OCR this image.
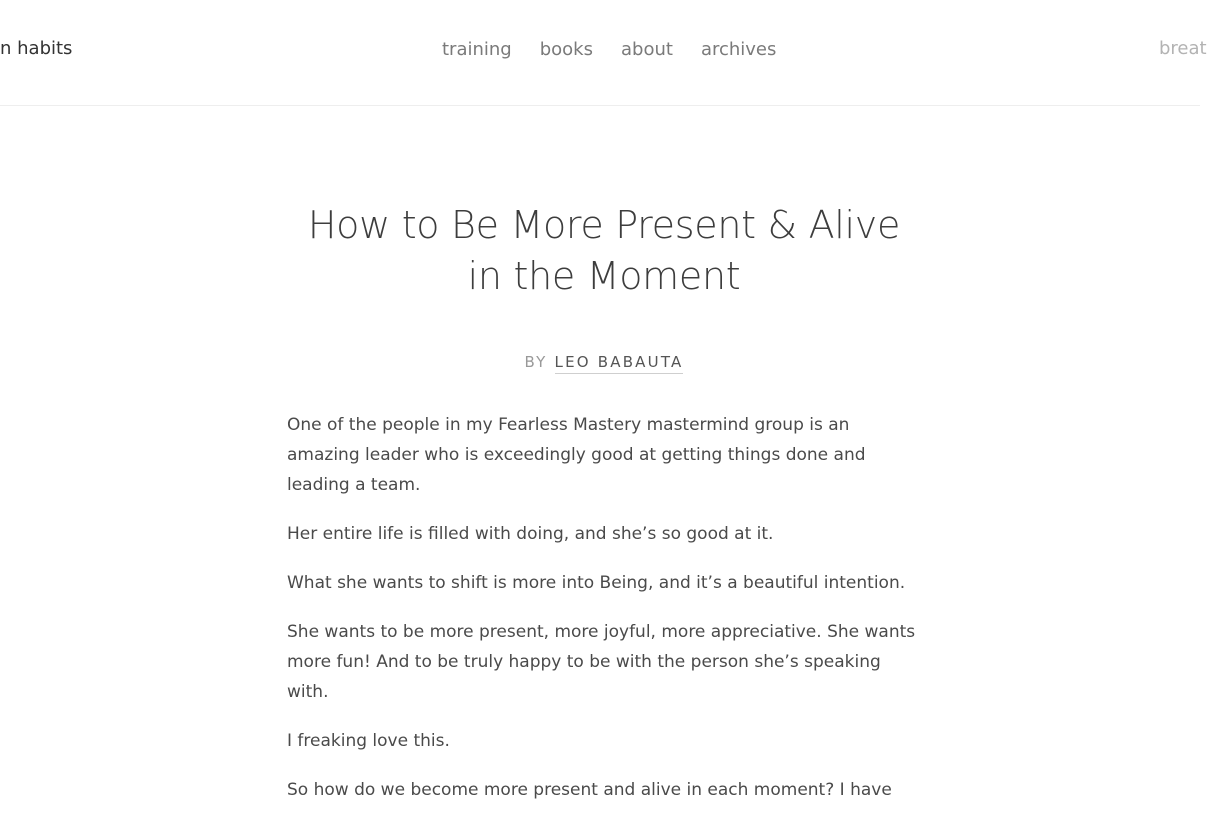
n habits	training books about archives	breat
How to Be More Present & Alive in the Moment
BY LEO BABAUTA

One of the people in my Fearless Mastery mastermind group is an amazing leader who is exceedingly good at getting things done and leading a team.

Her entire life is filled with doing, and she’s so good at it.

What she wants to shift is more into Being, and it’s a beautiful intention.

She wants to be more present, more joyful, more appreciative. She wants more fun! And to be truly happy to be with the person she’s speaking with.

I freaking love this.

So how do we become more present and alive in each moment? I have
